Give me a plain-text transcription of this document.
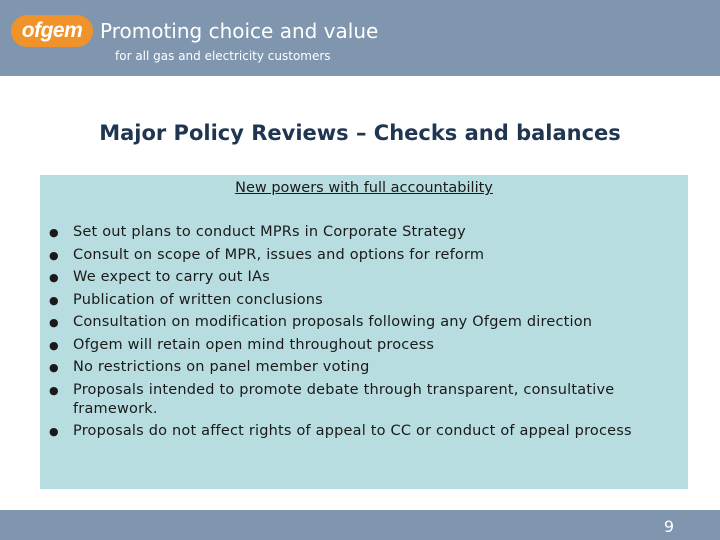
ofgem Promoting choice and value
for all gas and electricity customers
Major Policy Reviews – Checks and balances
New powers with full accountability
● Set out plans to conduct MPRs in Corporate Strategy
● Consult on scope of MPR, issues and options for reform
● We expect to carry out IAs
● Publication of written conclusions
● Consultation on modification proposals following any Ofgem direction
● Ofgem will retain open mind throughout process
● No restrictions on panel member voting
● Proposals intended to promote debate through transparent, consultative framework.
● Proposals do not affect rights of appeal to CC or conduct of appeal process
9
